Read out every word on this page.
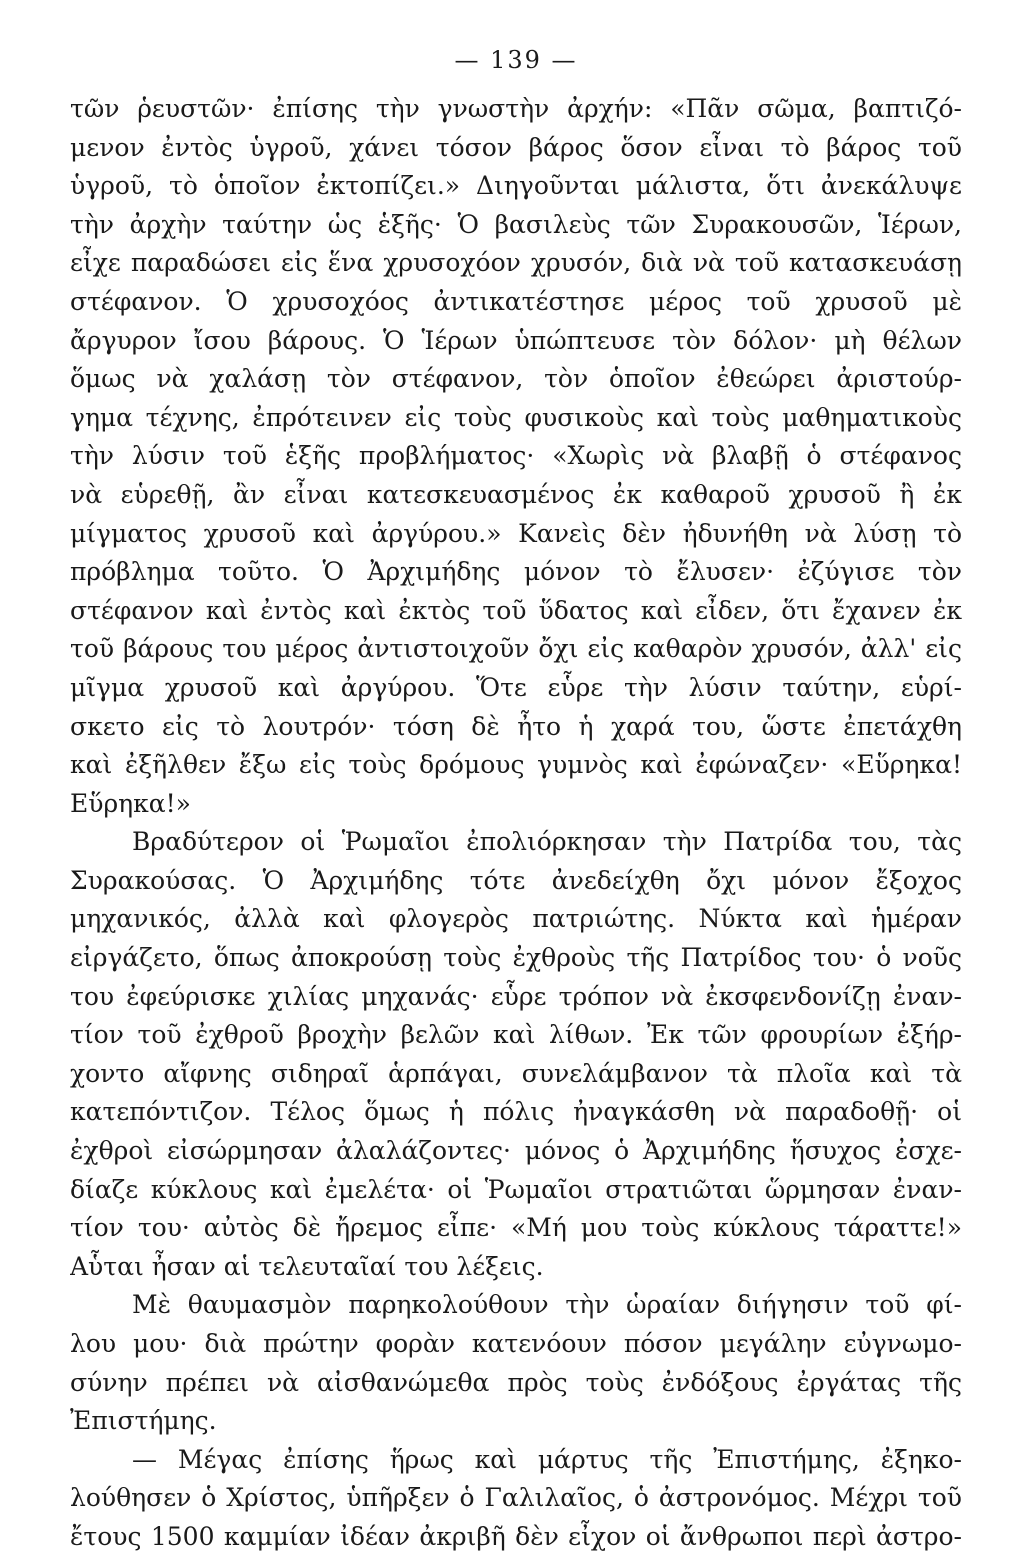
— 139 —
τῶν ῥευστῶν· ἐπίσης τὴν γνωστὴν ἀρχήν: «Πᾶν σῶμα, βαπτιζό-
μενον ἐντὸς ὑγροῦ, χάνει τόσον βάρος ὅσον εἶναι τὸ βάρος τοῦ
ὑγροῦ, τὸ ὁποῖον ἐκτοπίζει.» Διηγοῦνται μάλιστα, ὅτι ἀνεκάλυψε
τὴν ἀρχὴν ταύτην ὡς ἑξῆς· Ὁ βασιλεὺς τῶν Συρακουσῶν, Ἱέρων,
εἶχε παραδώσει εἰς ἕνα χρυσοχόον χρυσόν, διὰ νὰ τοῦ κατασκευάσῃ
στέφανον. Ὁ χρυσοχόος ἀντικατέστησε μέρος τοῦ χρυσοῦ μὲ
ἄργυρον ἴσου βάρους. Ὁ Ἱέρων ὑπώπτευσε τὸν δόλον· μὴ θέλων
ὅμως νὰ χαλάσῃ τὸν στέφανον, τὸν ὁποῖον ἐθεώρει ἀριστούρ-
γημα τέχνης, ἐπρότεινεν εἰς τοὺς φυσικοὺς καὶ τοὺς μαθηματικοὺς
τὴν λύσιν τοῦ ἑξῆς προβλήματος· «Χωρὶς νὰ βλαβῇ ὁ στέφανος
νὰ εὑρεθῇ, ἂν εἶναι κατεσκευασμένος ἐκ καθαροῦ χρυσοῦ ἢ ἐκ
μίγματος χρυσοῦ καὶ ἀργύρου.» Κανεὶς δὲν ἠδυνήθη νὰ λύσῃ τὸ
πρόβλημα τοῦτο. Ὁ Ἀρχιμήδης μόνον τὸ ἔλυσεν· ἐζύγισε τὸν
στέφανον καὶ ἐντὸς καὶ ἐκτὸς τοῦ ὕδατος καὶ εἶδεν, ὅτι ἔχανεν ἐκ
τοῦ βάρους του μέρος ἀντιστοιχοῦν ὄχι εἰς καθαρὸν χρυσόν, ἀλλ' εἰς
μῖγμα χρυσοῦ καὶ ἀργύρου. Ὅτε εὗρε τὴν λύσιν ταύτην, εὑρί-
σκετο εἰς τὸ λουτρόν· τόση δὲ ἦτο ἡ χαρά του, ὥστε ἐπετάχθη
καὶ ἐξῆλθεν ἔξω εἰς τοὺς δρόμους γυμνὸς καὶ ἐφώναζεν· «Εὕρηκα!
Εὕρηκα!»
Βραδύτερον οἱ Ῥωμαῖοι ἐπολιόρκησαν τὴν Πατρίδα του, τὰς
Συρακούσας. Ὁ Ἀρχιμήδης τότε ἀνεδείχθη ὄχι μόνον ἔξοχος
μηχανικός, ἀλλὰ καὶ φλογερὸς πατριώτης. Νύκτα καὶ ἡμέραν
εἰργάζετο, ὅπως ἀποκρούσῃ τοὺς ἐχθροὺς τῆς Πατρίδος του· ὁ νοῦς
του ἐφεύρισκε χιλίας μηχανάς· εὗρε τρόπον νὰ ἐκσφενδονίζῃ ἐναν-
τίον τοῦ ἐχθροῦ βροχὴν βελῶν καὶ λίθων. Ἐκ τῶν φρουρίων ἐξήρ-
χοντο αἴφνης σιδηραῖ ἁρπάγαι, συνελάμβανον τὰ πλοῖα καὶ τὰ
κατεπόντιζον. Τέλος ὅμως ἡ πόλις ἠναγκάσθη νὰ παραδοθῇ· οἱ
ἐχθροὶ εἰσώρμησαν ἀλαλάζοντες· μόνος ὁ Ἀρχιμήδης ἥσυχος ἐσχε-
δίαζε κύκλους καὶ ἐμελέτα· οἱ Ῥωμαῖοι στρατιῶται ὥρμησαν ἐναν-
τίον του· αὐτὸς δὲ ἤρεμος εἶπε· «Μή μου τοὺς κύκλους τάραττε!»
Αὗται ἦσαν αἱ τελευταῖαί του λέξεις.
Μὲ θαυμασμὸν παρηκολούθουν τὴν ὡραίαν διήγησιν τοῦ φί-
λου μου· διὰ πρώτην φορὰν κατενόουν πόσον μεγάλην εὐγνωμο-
σύνην πρέπει νὰ αἰσθανώμεθα πρὸς τοὺς ἐνδόξους ἐργάτας τῆς
Ἐπιστήμης.
— Μέγας ἐπίσης ἥρως καὶ μάρτυς τῆς Ἐπιστήμης, ἐξηκο-
λούθησεν ὁ Χρίστος, ὑπῆρξεν ὁ Γαλιλαῖος, ὁ ἀστρονόμος. Μέχρι τοῦ
ἔτους 1500 καμμίαν ἰδέαν ἀκριβῆ δὲν εἶχον οἱ ἄνθρωποι περὶ ἀστρο-
